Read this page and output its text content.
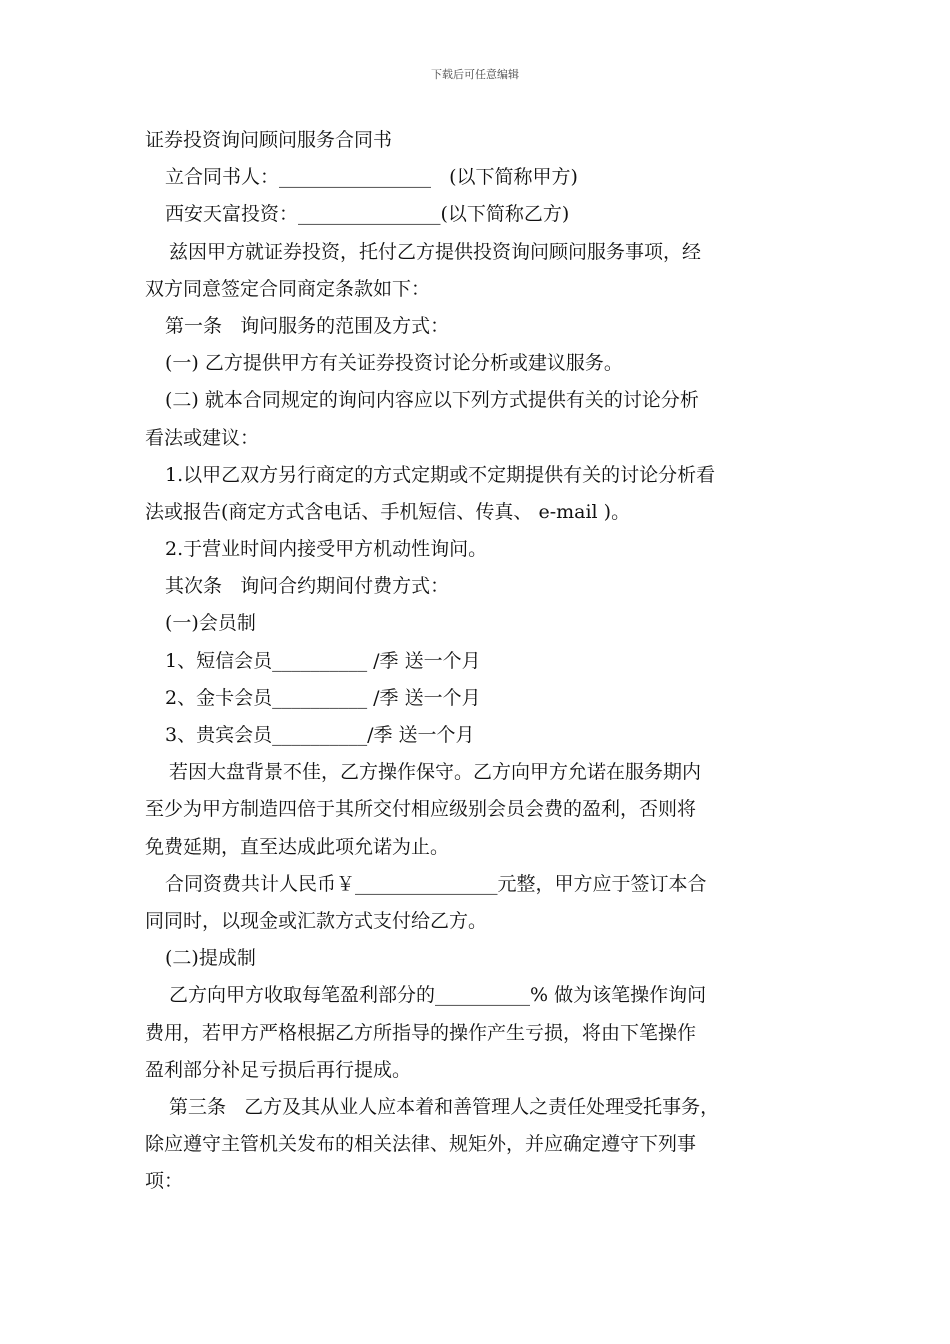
下载后可任意编辑
证券投资询问顾问服务合同书
立合同书人：________________   (以下简称甲方)
西安天富投资：_______________(以下简称乙方)
兹因甲方就证券投资，托付乙方提供投资询问顾问服务事项，经
双方同意签定合同商定条款如下：
第一条   询问服务的范围及方式：
(一) 乙方提供甲方有关证券投资讨论分析或建议服务。
(二) 就本合同规定的询问内容应以下列方式提供有关的讨论分析
看法或建议：
1.以甲乙双方另行商定的方式定期或不定期提供有关的讨论分析看
法或报告(商定方式含电话、手机短信、传真、 e-mail )。
2.于营业时间内接受甲方机动性询问。
其次条   询问合约期间付费方式：
(一)会员制
1、短信会员__________ /季 送一个月
2、金卡会员__________ /季 送一个月
3、贵宾会员__________/季 送一个月
若因大盘背景不佳，乙方操作保守。乙方向甲方允诺在服务期内
至少为甲方制造四倍于其所交付相应级别会员会费的盈利，否则将
免费延期，直至达成此项允诺为止。
合同资费共计人民币￥_______________元整，甲方应于签订本合
同同时，以现金或汇款方式支付给乙方。
(二)提成制
乙方向甲方收取每笔盈利部分的__________% 做为该笔操作询问
费用，若甲方严格根据乙方所指导的操作产生亏损，将由下笔操作
盈利部分补足亏损后再行提成。
第三条   乙方及其从业人应本着和善管理人之责任处理受托事务，
除应遵守主管机关发布的相关法律、规矩外，并应确定遵守下列事
项：
